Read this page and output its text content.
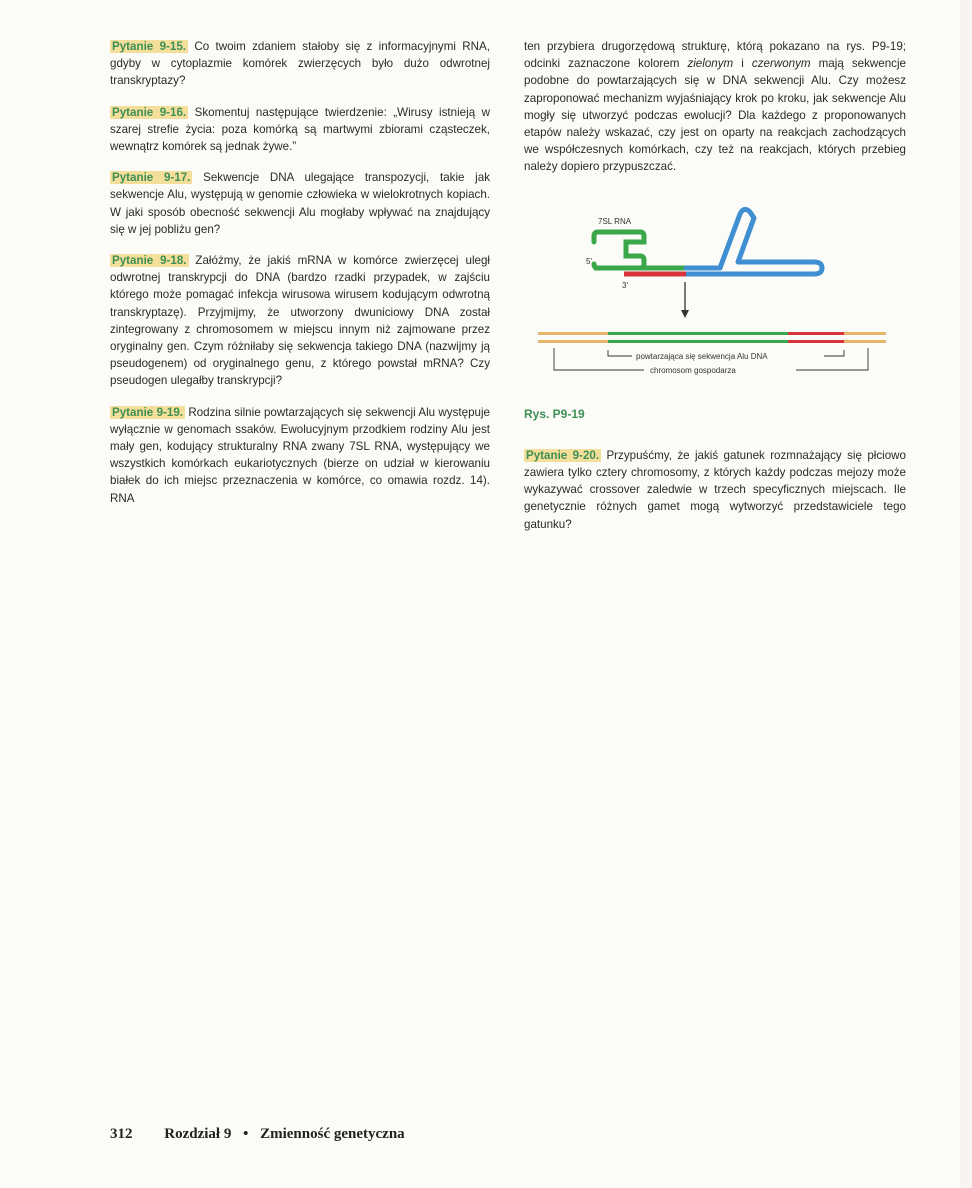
Pytanie 9-15. Co twoim zdaniem stałoby się z informacyjnymi RNA, gdyby w cytoplazmie komórek zwierzęcych było dużo odwrotnej transkryptazy?

Pytanie 9-16. Skomentuj następujące twierdzenie: „Wirusy istnieją w szarej strefie życia: poza komórką są martwymi zbiorami cząsteczek, wewnątrz komórek są jednak żywe.”

Pytanie 9-17. Sekwencje DNA ulegające transpozycji, takie jak sekwencje Alu, występują w genomie człowieka w wielokrotnych kopiach. W jaki sposób obecność sekwencji Alu mogłaby wpływać na znajdujący się w jej pobliżu gen?

Pytanie 9-18. Załóżmy, że jakiś mRNA w komórce zwierzęcej uległ odwrotnej transkrypcji do DNA (bardzo rzadki przypadek, w zajściu którego może pomagać infekcja wirusowa wirusem kodującym odwrotną transkryptazę). Przyjmijmy, że utworzony dwuniciowy DNA został zintegrowany z chromosomem w miejscu innym niż zajmowane przez oryginalny gen. Czym różniłaby się sekwencja takiego DNA (nazwijmy ją pseudogenem) od oryginalnego genu, z którego powstał mRNA? Czy pseudogen ulegałby transkrypcji?

Pytanie 9-19. Rodzina silnie powtarzających się sekwencji Alu występuje wyłącznie w genomach ssaków. Ewolucyjnym przodkiem rodziny Alu jest mały gen, kodujący strukturalny RNA zwany 7SL RNA, występujący we wszystkich komórkach eukariotycznych (bierze on udział w kierowaniu białek do ich miejsc przeznaczenia w komórce, co omawia rozdz. 14). RNA

ten przybiera drugorzędową strukturę, którą pokazano na rys. P9-19; odcinki zaznaczone kolorem zielonym i czerwonym mają sekwencje podobne do powtarzających się w DNA sekwencji Alu. Czy możesz zaproponować mechanizm wyjaśniający krok po kroku, jak sekwencje Alu mogły się utworzyć podczas ewolucji? Dla każdego z proponowanych etapów należy wskazać, czy jest on oparty na reakcjach zachodzących we współczesnych komórkach, czy też na reakcjach, których przebieg należy dopiero przypuszczać.

7SL RNA
5'
3'
powtarzająca się sekwencja Alu DNA
chromosom gospodarza
Rys. P9-19

Pytanie 9-20. Przypuśćmy, że jakiś gatunek rozmnażający się płciowo zawiera tylko cztery chromosomy, z których każdy podczas mejozy może wykazywać crossover zaledwie w trzech specyficznych miejscach. Ile genetycznie różnych gamet mogą wytworzyć przedstawiciele tego gatunku?

312 Rozdział 9 • Zmienność genetyczna
